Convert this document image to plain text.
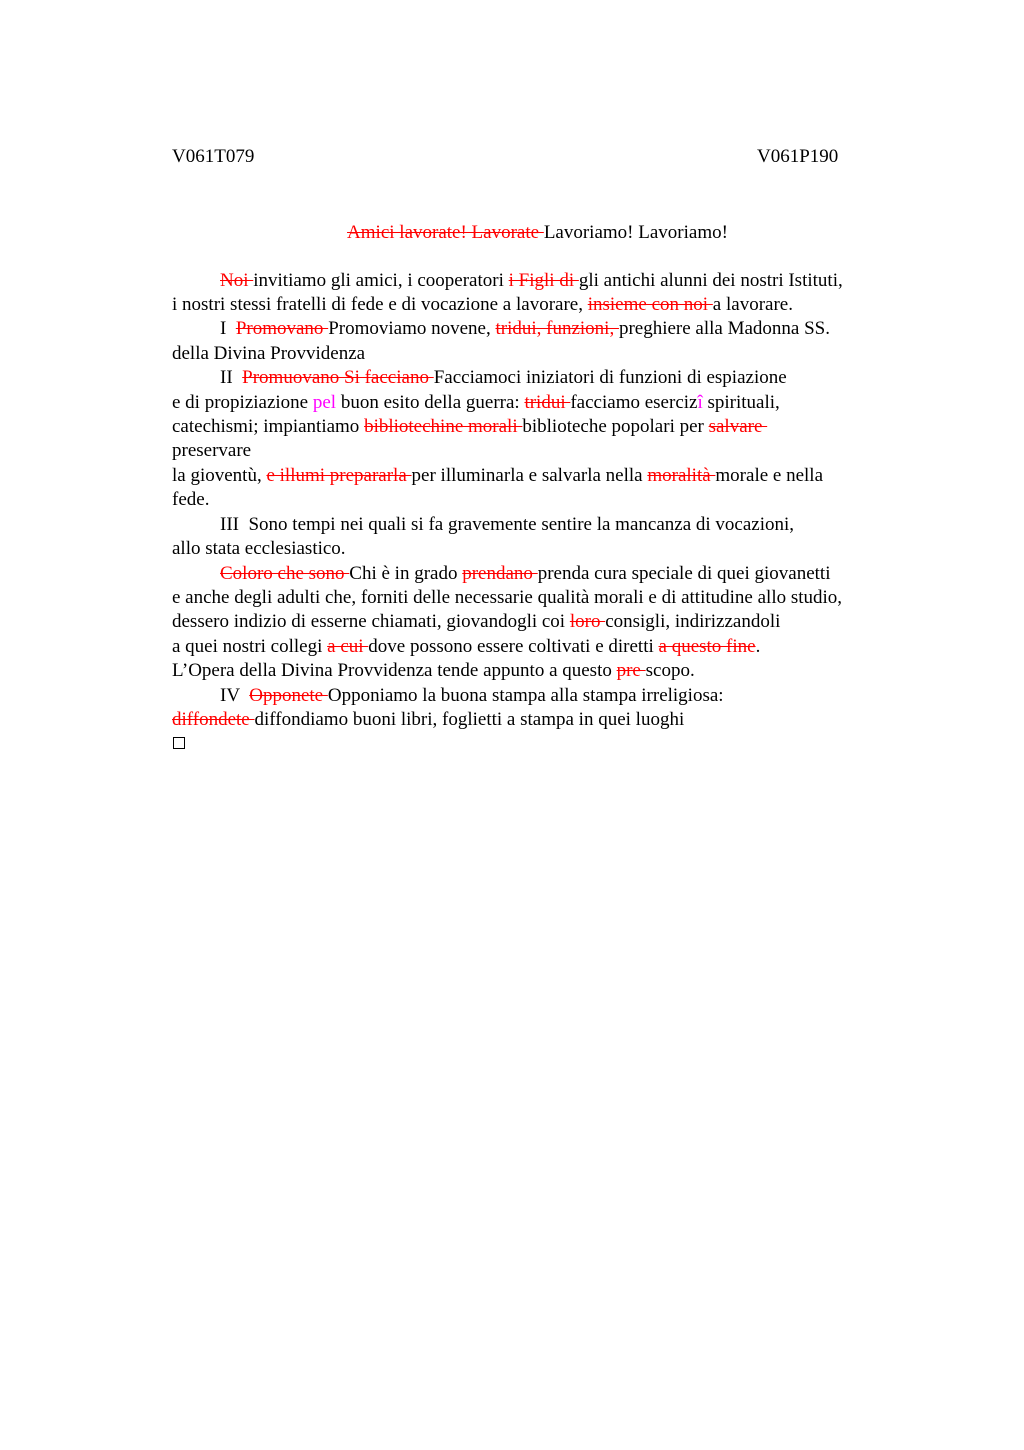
V061T079	V061P190
Amici lavorate! Lavorate Lavoriamo! Lavoriamo!
Noi invitiamo gli amici, i cooperatori i Figli di gli antichi alunni dei nostri Istituti,
i nostri stessi fratelli di fede e di vocazione a lavorare, insieme con noi a lavorare.
I  Promovano Promoviamo novene, tridui, funzioni, preghiere alla Madonna SS.
della Divina Provvidenza
II  Promuovano Si facciano Facciamoci iniziatori di funzioni di espiazione
e di propiziazione pel buon esito della guerra: tridui facciamo esercizî spirituali,
catechismi; impiantiamo bibliotechine morali biblioteche popolari per salvare
preservare
la gioventù, e illumi prepararla per illuminarla e salvarla nella moralità morale e nella
fede.
III  Sono tempi nei quali si fa gravemente sentire la mancanza di vocazioni,
allo stata ecclesiastico.
Coloro che sono Chi è in grado prendano prenda cura speciale di quei giovanetti
e anche degli adulti che, forniti delle necessarie qualità morali e di attitudine allo studio,
dessero indizio di esserne chiamati, giovandogli coi loro consigli, indirizzandoli
a quei nostri collegi a cui dove possono essere coltivati e diretti a questo fine.
L’Opera della Divina Provvidenza tende appunto a questo pre scopo.
IV  Opponete Opponiamo la buona stampa alla stampa irreligiosa:
diffondete diffondiamo buoni libri, foglietti a stampa in quei luoghi
